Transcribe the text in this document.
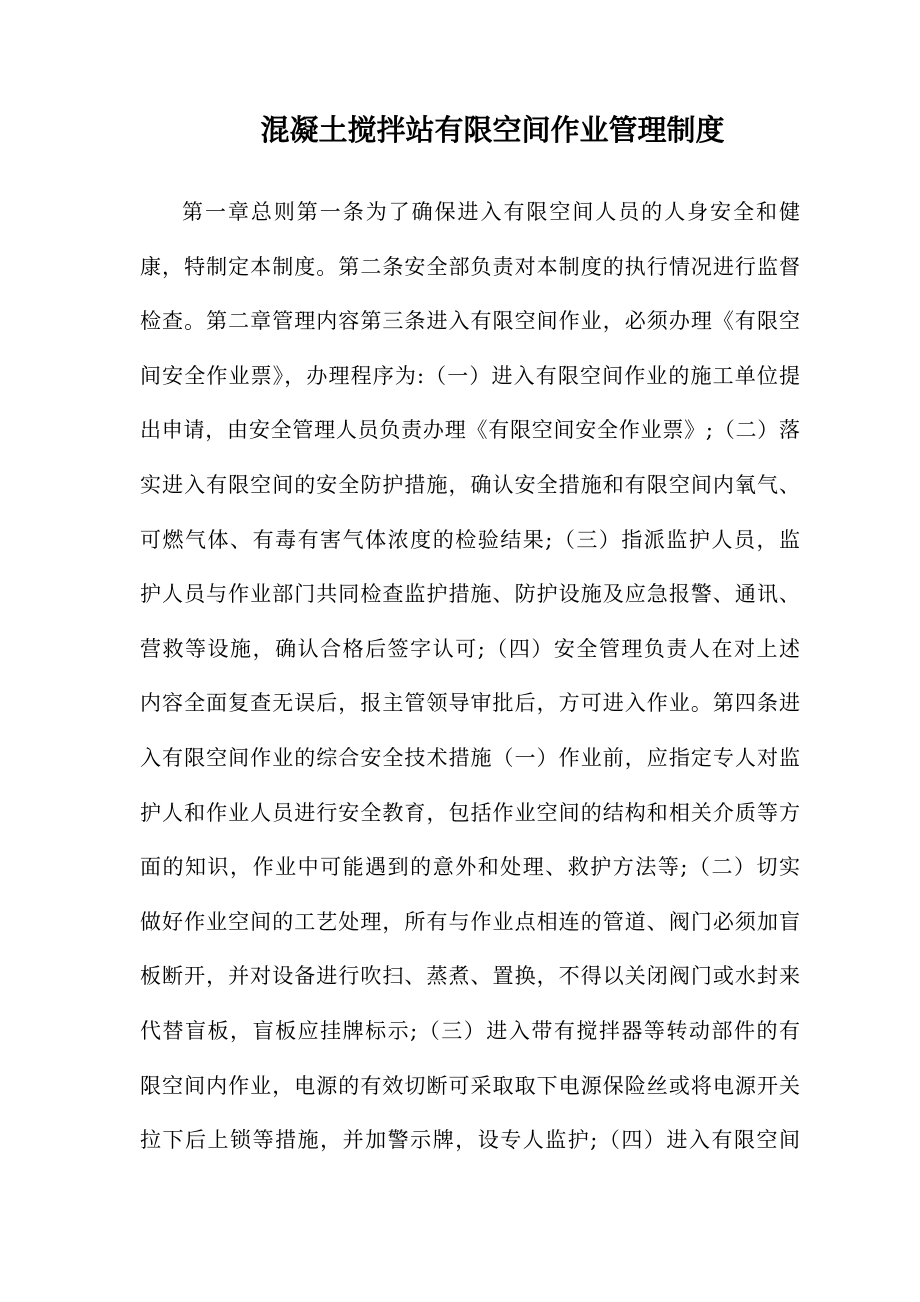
混凝土搅拌站有限空间作业管理制度
第一章总则第一条为了确保进入有限空间人员的人身安全和健
康，特制定本制度。第二条安全部负责对本制度的执行情况进行监督
检查。第二章管理内容第三条进入有限空间作业，必须办理《有限空
间安全作业票》，办理程序为:（一）进入有限空间作业的施工单位提
出申请，由安全管理人员负责办理《有限空间安全作业票》;（二）落
实进入有限空间的安全防护措施，确认安全措施和有限空间内氧气、
可燃气体、有毒有害气体浓度的检验结果;（三）指派监护人员，监
护人员与作业部门共同检查监护措施、防护设施及应急报警、通讯、
营救等设施，确认合格后签字认可;（四）安全管理负责人在对上述
内容全面复查无误后，报主管领导审批后，方可进入作业。第四条进
入有限空间作业的综合安全技术措施（一）作业前，应指定专人对监
护人和作业人员进行安全教育，包括作业空间的结构和相关介质等方
面的知识，作业中可能遇到的意外和处理、救护方法等;（二）切实
做好作业空间的工艺处理，所有与作业点相连的管道、阀门必须加盲
板断开，并对设备进行吹扫、蒸煮、置换，不得以关闭阀门或水封来
代替盲板，盲板应挂牌标示;（三）进入带有搅拌器等转动部件的有
限空间内作业，电源的有效切断可采取取下电源保险丝或将电源开关
拉下后上锁等措施，并加警示牌，设专人监护;（四）进入有限空间
